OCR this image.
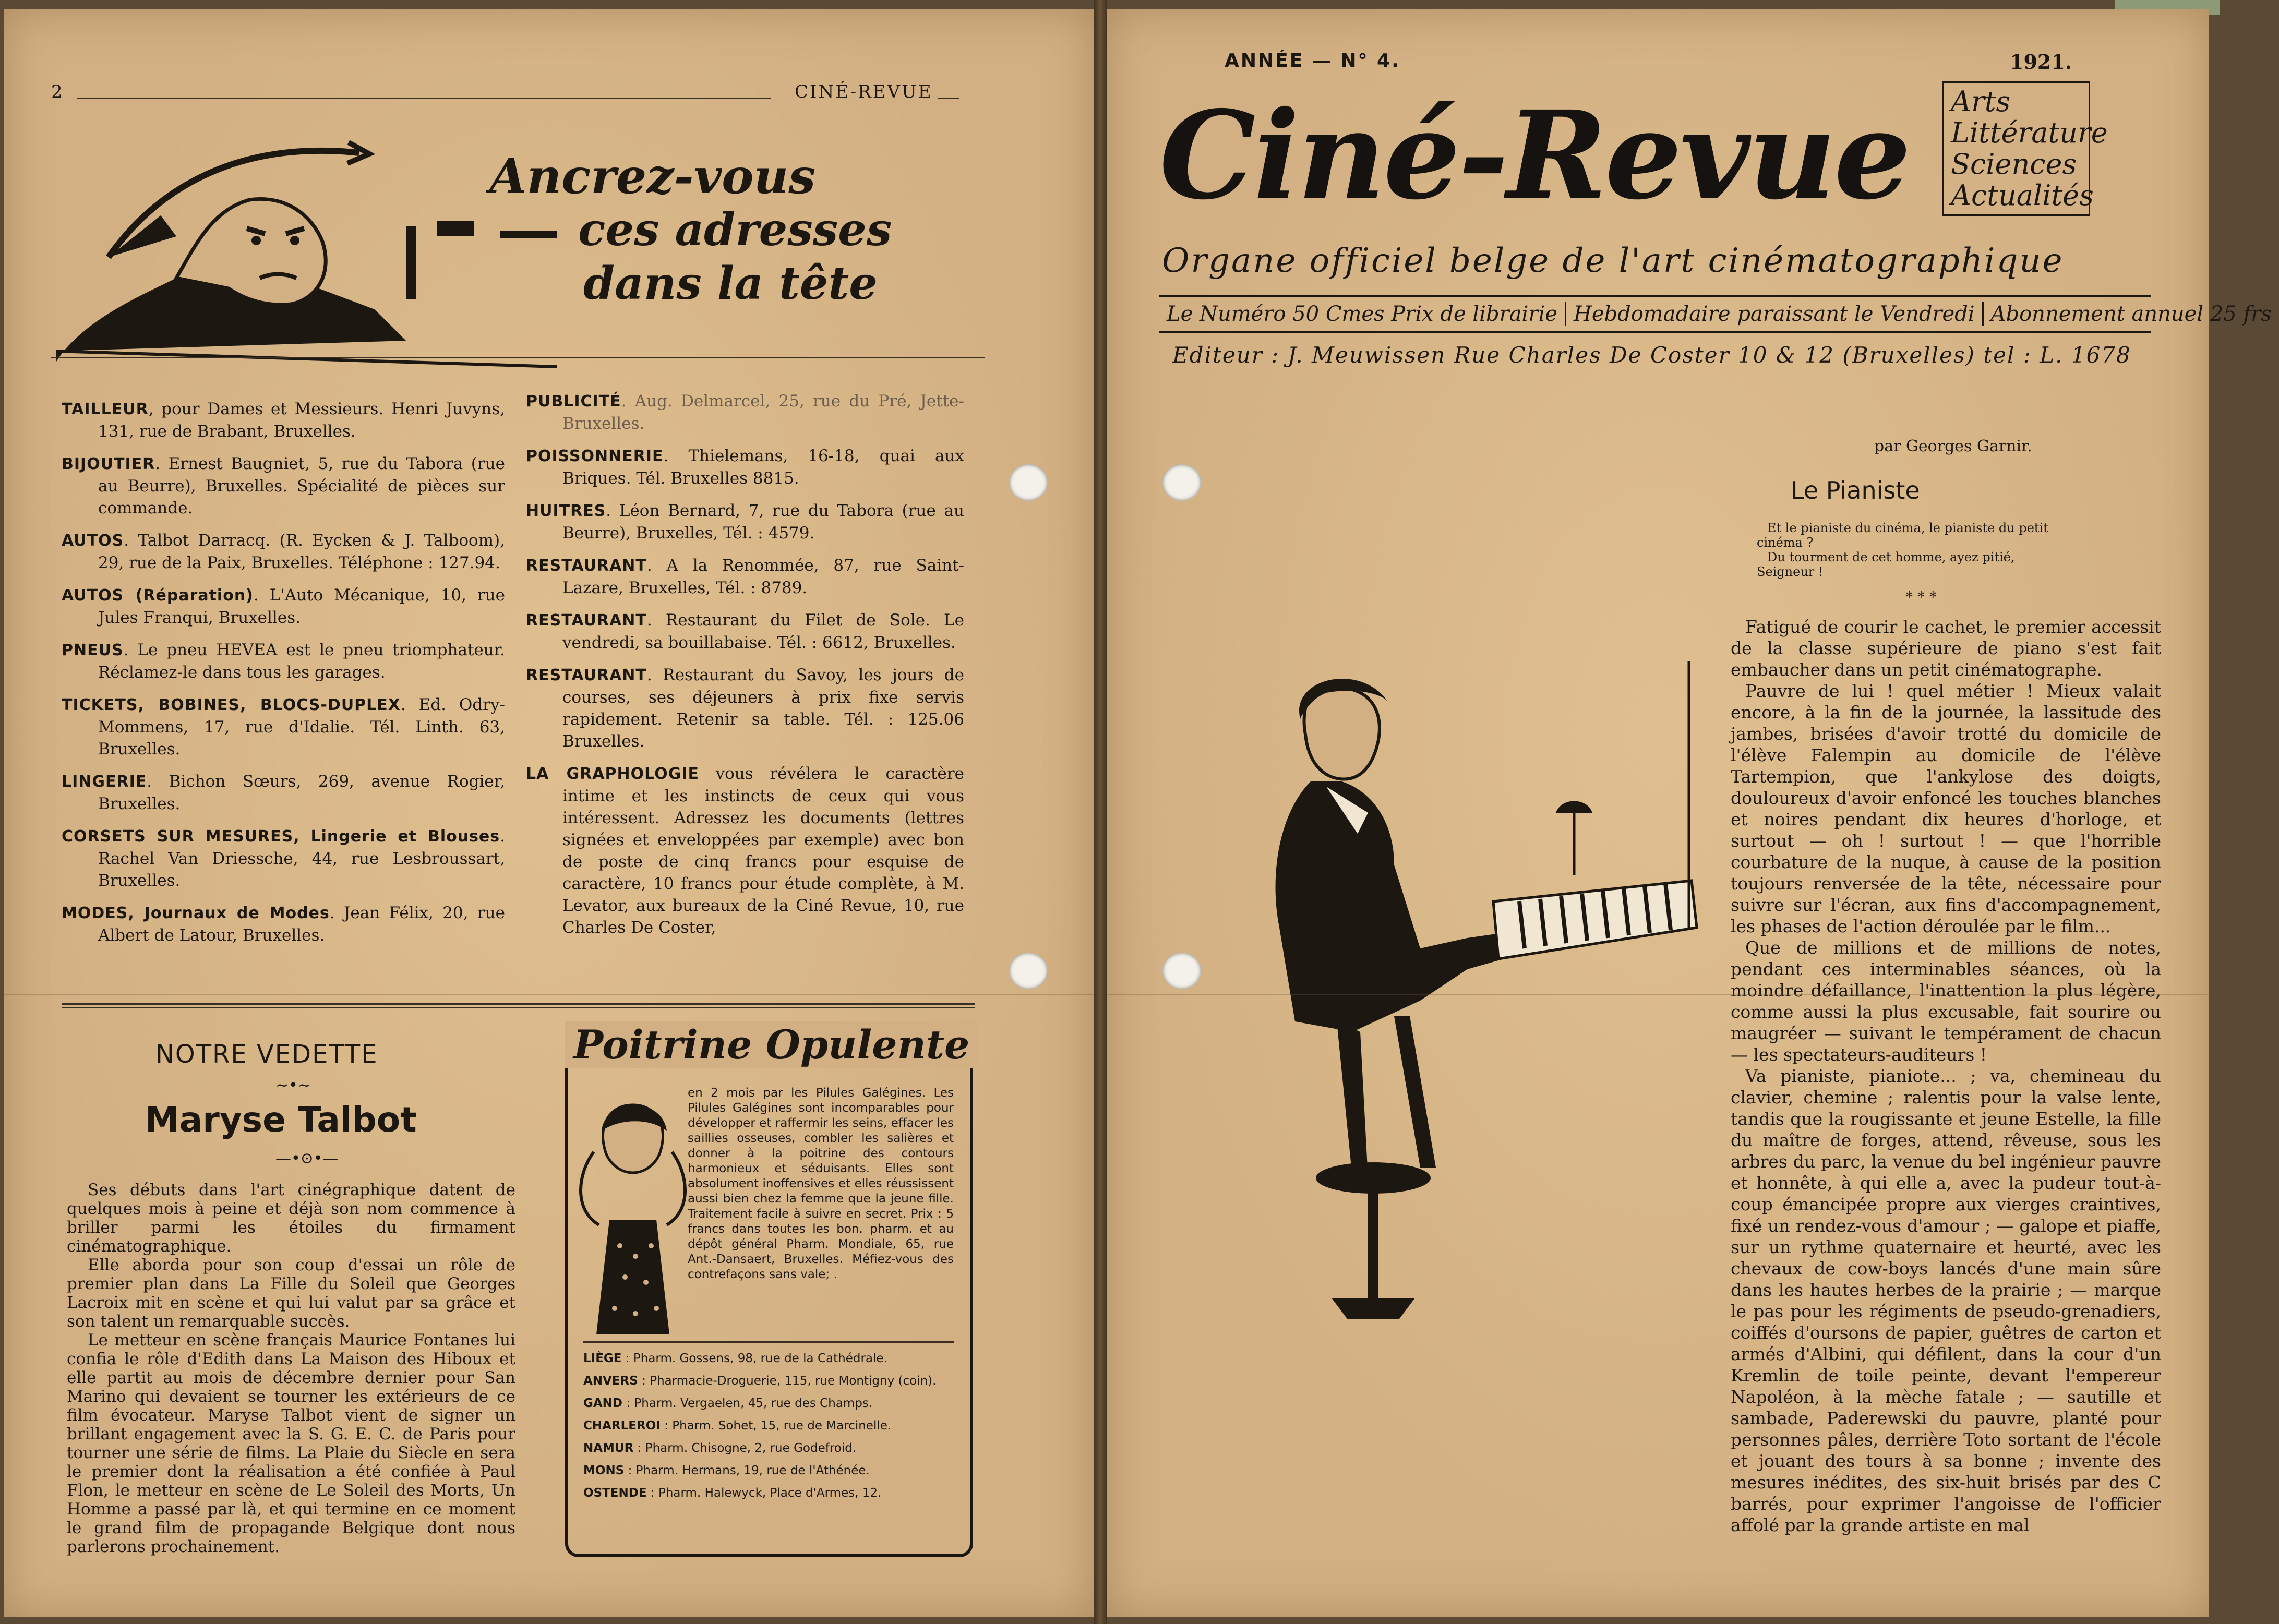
2	CINÉ-REVUE
Ancrez-vous
ces adresses
dans la tête

TAILLEUR, pour Dames et Messieurs. Henri Juvyns, 131, rue de Brabant, Bruxelles.

BIJOUTIER. Ernest Baugniet, 5, rue du Tabora (rue au Beurre), Bruxelles. Spécialité de pièces sur commande.

AUTOS. Talbot Darracq. (R. Eycken & J. Talboom), 29, rue de la Paix, Bruxelles. Téléphone : 127.94.

AUTOS (Réparation). L'Auto Mécanique, 10, rue Jules Franqui, Bruxelles.

PNEUS. Le pneu HEVEA est le pneu triomphateur. Réclamez-le dans tous les garages.

TICKETS, BOBINES, BLOCS-DUPLEX. Ed. Odry-Mommens, 17, rue d'Idalie. Tél. Linth. 63, Bruxelles.

LINGERIE. Bichon Sœurs, 269, avenue Rogier, Bruxelles.

CORSETS SUR MESURES, Lingerie et Blouses. Rachel Van Driessche, 44, rue Lesbroussart, Bruxelles.

MODES, Journaux de Modes. Jean Félix, 20, rue Albert de Latour, Bruxelles.

PUBLICITÉ. Aug. Delmarcel, 25, rue du Pré, Jette-Bruxelles.

POISSONNERIE. Thielemans, 16-18, quai aux Briques. Tél. Bruxelles 8815.

HUITRES. Léon Bernard, 7, rue du Tabora (rue au Beurre), Bruxelles, Tél. : 4579.

RESTAURANT. A la Renommée, 87, rue Saint-Lazare, Bruxelles, Tél. : 8789.

RESTAURANT. Restaurant du Filet de Sole. Le vendredi, sa bouillabaise. Tél. : 6612, Bruxelles.

RESTAURANT. Restaurant du Savoy, les jours de courses, ses déjeuners à prix fixe servis rapidement. Retenir sa table. Tél. : 125.06 Bruxelles.

LA GRAPHOLOGIE vous révélera le caractère intime et les instincts de ceux qui vous intéressent. Adressez les documents (lettres signées et enveloppées par exemple) avec bon de poste de cinq francs pour esquise de caractère, 10 francs pour étude complète, à M. Levator, aux bureaux de la Ciné Revue, 10, rue Charles De Coster,

NOTRE VEDETTE
~•~
Maryse Talbot
—•⊙•—

Ses débuts dans l'art cinégraphique datent de quelques mois à peine et déjà son nom commence à briller parmi les étoiles du firmament cinématographique.

Elle aborda pour son coup d'essai un rôle de premier plan dans La Fille du Soleil que Georges Lacroix mit en scène et qui lui valut par sa grâce et son talent un remarquable succès.

Le metteur en scène français Maurice Fontanes lui confia le rôle d'Edith dans La Maison des Hiboux et elle partit au mois de décembre dernier pour San Marino qui devaient se tourner les extérieurs de ce film évocateur. Maryse Talbot vient de signer un brillant engagement avec la S. G. E. C. de Paris pour tourner une série de films. La Plaie du Siècle en sera le premier dont la réalisation a été confiée à Paul Flon, le metteur en scène de Le Soleil des Morts, Un Homme a passé par là, et qui termine en ce moment le grand film de propagande Belgique dont nous parlerons prochainement.

Poitrine Opulente
en 2 mois par les Pilules Galégines. Les Pilules Galégines sont incomparables pour développer et raffermir les seins, effacer les saillies osseuses, combler les salières et donner à la poitrine des contours harmonieux et séduisants. Elles sont absolument inoffensives et elles réussissent aussi bien chez la femme que la jeune fille. Traitement facile à suivre en secret. Prix : 5 francs dans toutes les bon. pharm. et au dépôt général Pharm. Mondiale, 65, rue Ant.-Dansaert, Bruxelles. Méfiez-vous des contrefaçons sans vale; .
LIÈGE : Pharm. Gossens, 98, rue de la Cathédrale.
ANVERS : Pharmacie-Droguerie, 115, rue Montigny (coin).
GAND : Pharm. Vergaelen, 45, rue des Champs.
CHARLEROI : Pharm. Sohet, 15, rue de Marcinelle.
NAMUR : Pharm. Chisogne, 2, rue Godefroid.
MONS : Pharm. Hermans, 19, rue de l'Athénée.
OSTENDE : Pharm. Halewyck, Place d'Armes, 12.
ANNÉE — N° 4.	1921.
Ciné-Revue Arts
Littérature
Sciences
Actualités
Organe officiel belge de l'art cinématographique
Le Numéro 50 Cmes Prix de librairie Hebdomadaire paraissant le Vendredi Abonnement annuel 25 frs
Editeur : J. Meuwissen Rue Charles De Coster 10 & 12 (Bruxelles) tel : L. 1678
par Georges Garnir.
Le Pianiste
Et le pianiste du cinéma, le pianiste du petit cinéma ?
Du tourment de cet homme, ayez pitié, Seigneur !
* * *

Fatigué de courir le cachet, le premier accessit de la classe supérieure de piano s'est fait embaucher dans un petit cinématographe.

Pauvre de lui ! quel métier ! Mieux valait encore, à la fin de la journée, la lassitude des jambes, brisées d'avoir trotté du domicile de l'élève Falempin au domicile de l'élève Tartempion, que l'ankylose des doigts, douloureux d'avoir enfoncé les touches blanches et noires pendant dix heures d'horloge, et surtout — oh ! surtout ! — que l'horrible courbature de la nuque, à cause de la position toujours renversée de la tête, nécessaire pour suivre sur l'écran, aux fins d'accompagnement, les phases de l'action déroulée par le film...

Que de millions et de millions de notes, pendant ces interminables séances, où la moindre défaillance, l'inattention la plus légère, comme aussi la plus excusable, fait sourire ou maugréer — suivant le tempérament de chacun — les spectateurs-auditeurs !

Va pianiste, pianiote... ; va, chemineau du clavier, chemine ; ralentis pour la valse lente, tandis que la rougissante et jeune Estelle, la fille du maître de forges, attend, rêveuse, sous les arbres du parc, la venue du bel ingénieur pauvre et honnête, à qui elle a, avec la pudeur tout-à-coup émancipée propre aux vierges craintives, fixé un rendez-vous d'amour ; — galope et piaffe, sur un rythme quaternaire et heurté, avec les chevaux de cow-boys lancés d'une main sûre dans les hautes herbes de la prairie ; — marque le pas pour les régiments de pseudo-grenadiers, coiffés d'oursons de papier, guêtres de carton et armés d'Albini, qui défilent, dans la cour d'un Kremlin de toile peinte, devant l'empereur Napoléon, à la mèche fatale ; — sautille et sambade, Paderewski du pauvre, planté pour personnes pâles, derrière Toto sortant de l'école et jouant des tours à sa bonne ; invente des mesures inédites, des six-huit brisés par des C barrés, pour exprimer l'angoisse de l'officier affolé par la grande artiste en mal
